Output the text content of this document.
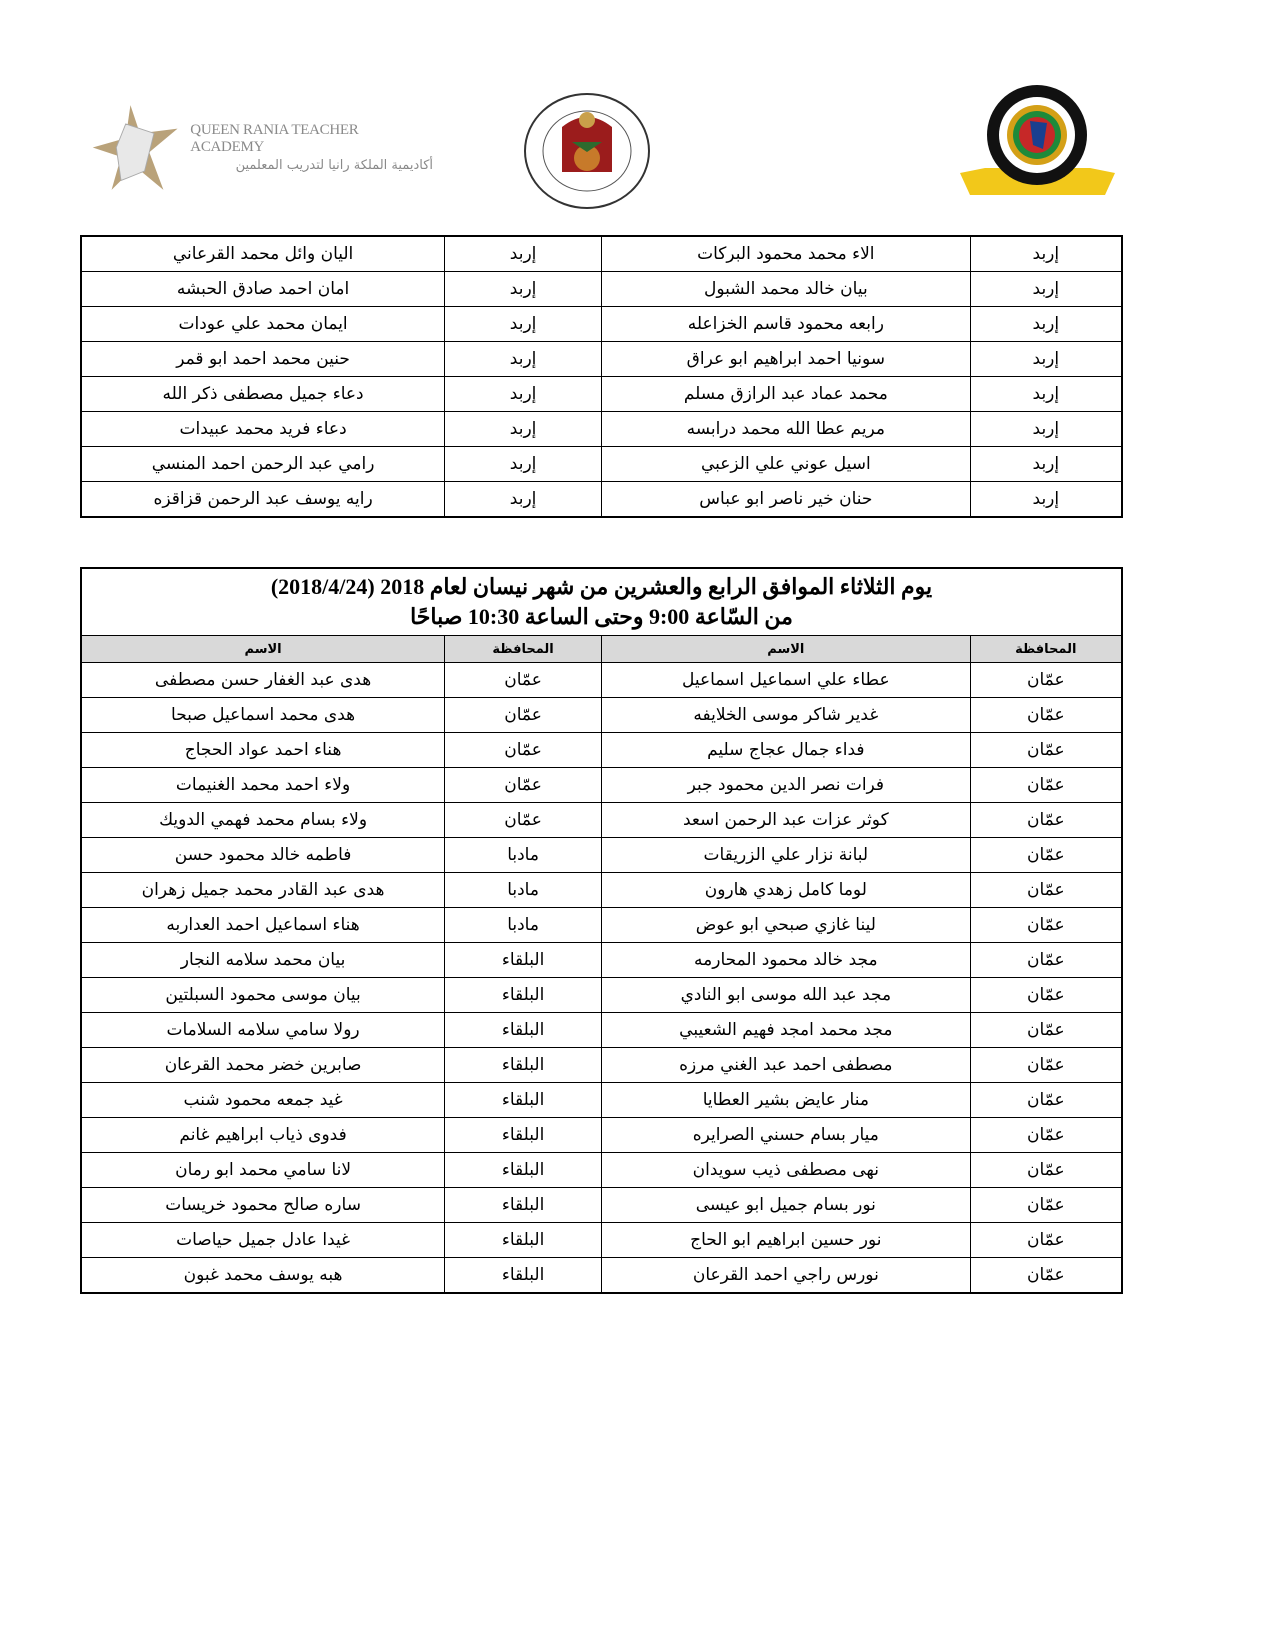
QUEEN RANIA TEACHER ACADEMY
أكاديمية الملكة رانيا لتدريب المعلمين
إربد	الاء محمد محمود البركات	إربد	اليان وائل محمد القرعاني
إربد	بيان خالد محمد الشبول	إربد	امان احمد صادق الحبشه
إربد	رابعه محمود قاسم الخزاعله	إربد	ايمان محمد علي عودات
إربد	سونيا احمد ابراهيم ابو عراق	إربد	حنين محمد احمد ابو قمر
إربد	محمد عماد عبد الرازق مسلم	إربد	دعاء جميل مصطفى ذكر الله
إربد	مريم عطا الله محمد درابسه	إربد	دعاء فريد محمد عبيدات
إربد	اسيل عوني علي الزعبي	إربد	رامي عبد الرحمن احمد المنسي
إربد	حنان خير ناصر ابو عباس	إربد	رايه يوسف عبد الرحمن قزاقزه
يوم الثلاثاء الموافق الرابع والعشرين من شهر نيسان لعام 2018 (2018/4/24)
من السّاعة 9:00 وحتى الساعة 10:30 صباحًا			

المحافظة	الاسم	المحافظة	الاسم
عمّان	عطاء علي اسماعيل اسماعيل	عمّان	هدى عبد الغفار حسن مصطفى
عمّان	غدير شاكر موسى الخلايفه	عمّان	هدى محمد اسماعيل صبحا
عمّان	فداء جمال عجاج سليم	عمّان	هناء احمد عواد الحجاج
عمّان	فرات نصر الدين محمود جبر	عمّان	ولاء احمد محمد الغنيمات
عمّان	كوثر عزات عبد الرحمن اسعد	عمّان	ولاء بسام محمد فهمي الدويك
عمّان	لبانة نزار علي الزريقات	مادبا	فاطمه خالد محمود حسن
عمّان	لوما كامل زهدي هارون	مادبا	هدى عبد القادر محمد جميل زهران
عمّان	لينا غازي صبحي ابو عوض	مادبا	هناء اسماعيل احمد العداربه
عمّان	مجد خالد محمود المحارمه	البلقاء	بيان محمد سلامه النجار
عمّان	مجد عبد الله موسى ابو النادي	البلقاء	بيان موسى محمود السبلتين
عمّان	مجد محمد امجد فهيم الشعيبي	البلقاء	رولا سامي سلامه السلامات
عمّان	مصطفى احمد عبد الغني مرزه	البلقاء	صابرين خضر محمد القرعان
عمّان	منار عايض بشير العطايا	البلقاء	غيد جمعه محمود شنب
عمّان	ميار بسام حسني الصرايره	البلقاء	فدوى ذياب ابراهيم غانم
عمّان	نهى مصطفى ذيب سويدان	البلقاء	لانا سامي محمد ابو رمان
عمّان	نور بسام جميل ابو عيسى	البلقاء	ساره صالح محمود خريسات
عمّان	نور حسين ابراهيم ابو الحاج	البلقاء	غيدا عادل جميل حياصات
عمّان	نورس راجي احمد القرعان	البلقاء	هبه يوسف محمد غبون
